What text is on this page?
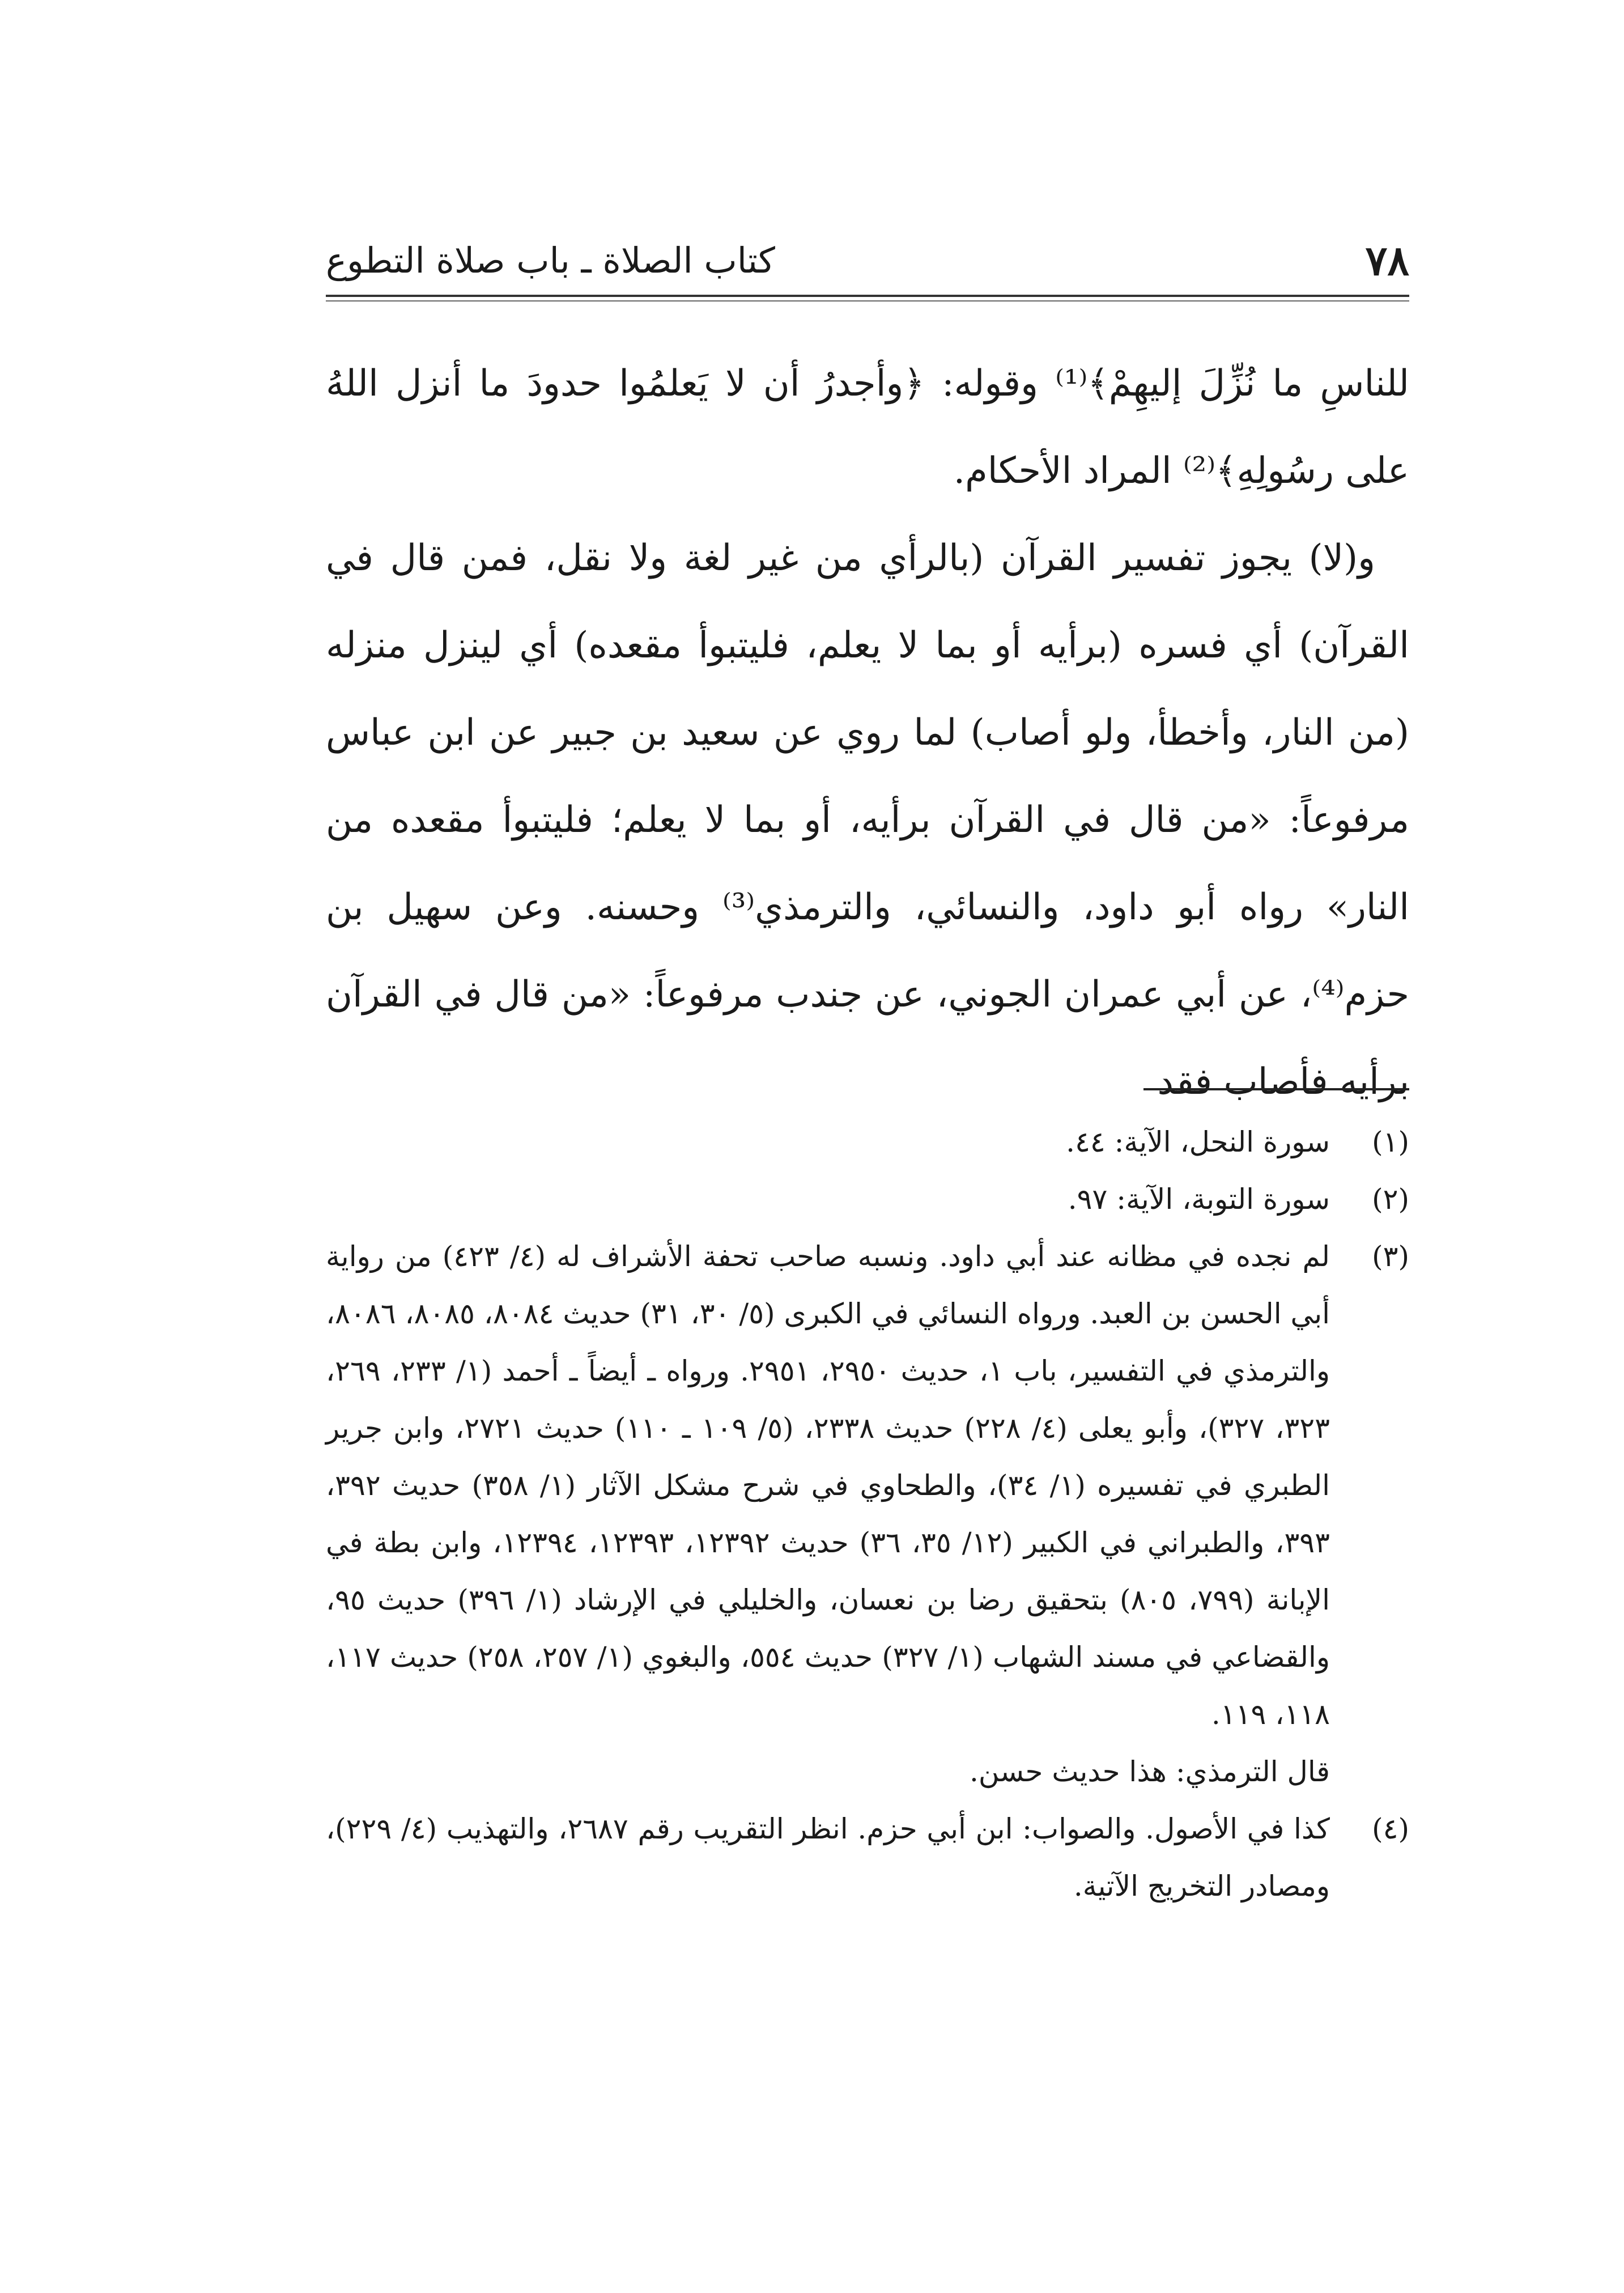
٧٨
كتاب الصلاة ـ باب صلاة التطوع

للناسِ ما نُزِّلَ إليهِمْ﴾⁽¹⁾ وقوله: ﴿وأجدرُ أن لا يَعلمُوا حدودَ ما أنزل اللهُ على رسُولِهِ﴾⁽²⁾ المراد الأحكام.

و(لا) يجوز تفسير القرآن (بالرأي من غير لغة ولا نقل، فمن قال في القرآن) أي فسره (برأيه أو بما لا يعلم، فليتبوأ مقعده) أي لينزل منزله (من النار، وأخطأ، ولو أصاب) لما روي عن سعيد بن جبير عن ابن عباس مرفوعاً: «من قال في القرآن برأيه، أو بما لا يعلم؛ فليتبوأ مقعده من النار» رواه أبو داود، والنسائي، والترمذي⁽³⁾ وحسنه. وعن سهيل بن حزم⁽⁴⁾، عن أبي عمران الجوني، عن جندب مرفوعاً: «من قال في القرآن برأيه فأصاب فقد

(١)
سورة النحل، الآية: ٤٤.
(٢)
سورة التوبة، الآية: ٩٧.
(٣)
لم نجده في مظانه عند أبي داود. ونسبه صاحب تحفة الأشراف له (٤/ ٤٢٣) من رواية أبي الحسن بن العبد. ورواه النسائي في الكبرى (٥/ ٣٠، ٣١) حديث ٨٠٨٤، ٨٠٨٥، ٨٠٨٦، والترمذي في التفسير، باب ١، حديث ٢٩٥٠، ٢٩٥١. ورواه ـ أيضاً ـ أحمد (١/ ٢٣٣، ٢٦٩، ٣٢٣، ٣٢٧)، وأبو يعلى (٤/ ٢٢٨) حديث ٢٣٣٨، (٥/ ١٠٩ ـ ١١٠) حديث ٢٧٢١، وابن جرير الطبري في تفسيره (١/ ٣٤)، والطحاوي في شرح مشكل الآثار (١/ ٣٥٨) حديث ٣٩٢، ٣٩٣، والطبراني في الكبير (١٢/ ٣٥، ٣٦) حديث ١٢٣٩٢، ١٢٣٩٣، ١٢٣٩٤، وابن بطة في الإبانة (٧٩٩، ٨٠٥) بتحقيق رضا بن نعسان، والخليلي في الإرشاد (١/ ٣٩٦) حديث ٩٥، والقضاعي في مسند الشهاب (١/ ٣٢٧) حديث ٥٥٤، والبغوي (١/ ٢٥٧، ٢٥٨) حديث ١١٧، ١١٨، ١١٩.
قال الترمذي: هذا حديث حسن.
(٤)
كذا في الأصول. والصواب: ابن أبي حزم. انظر التقريب رقم ٢٦٨٧، والتهذيب (٤/ ٢٢٩)، ومصادر التخريج الآتية.
